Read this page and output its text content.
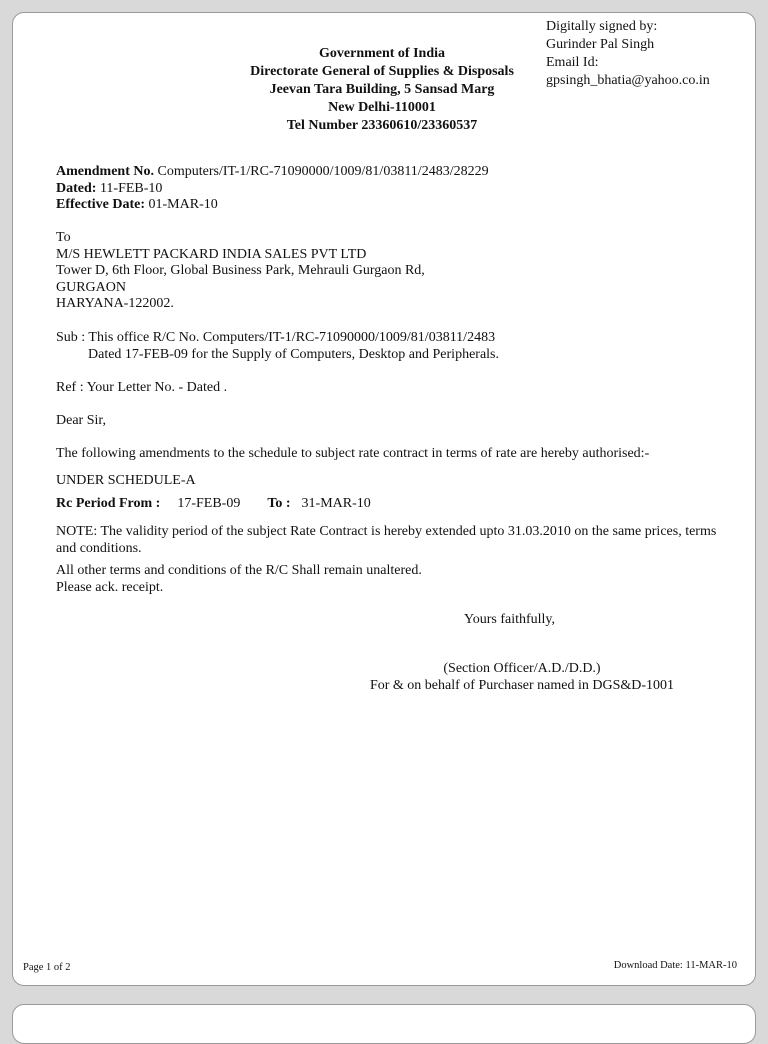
Digitally signed by:
Gurinder Pal Singh
Email Id:
gpsingh_bhatia@yahoo.co.in
Government of India
Directorate General of Supplies & Disposals
Jeevan Tara Building, 5 Sansad Marg
New Delhi-110001
Tel Number 23360610/23360537
Amendment No. Computers/IT-1/RC-71090000/1009/81/03811/2483/28229
Dated: 11-FEB-10
Effective Date: 01-MAR-10
To
M/S HEWLETT PACKARD INDIA SALES PVT LTD
Tower D, 6th Floor, Global Business Park, Mehrauli Gurgaon Rd,
GURGAON
HARYANA-122002.
Sub : This office R/C No. Computers/IT-1/RC-71090000/1009/81/03811/2483
Dated 17-FEB-09 for the Supply of Computers, Desktop and Peripherals.
Ref : Your Letter No. - Dated .
Dear Sir,
The following amendments to the schedule to subject rate contract in terms of rate are hereby authorised:-
UNDER SCHEDULE-A
Rc Period From : 17-FEB-09 To : 31-MAR-10
NOTE: The validity period of the subject Rate Contract is hereby extended upto 31.03.2010 on the same prices, terms
and conditions.
All other terms and conditions of the R/C Shall remain unaltered.
Please ack. receipt.
Yours faithfully,
(Section Officer/A.D./D.D.)
For & on behalf of Purchaser named in DGS&D-1001
Page 1 of 2	Download Date: 11-MAR-10
